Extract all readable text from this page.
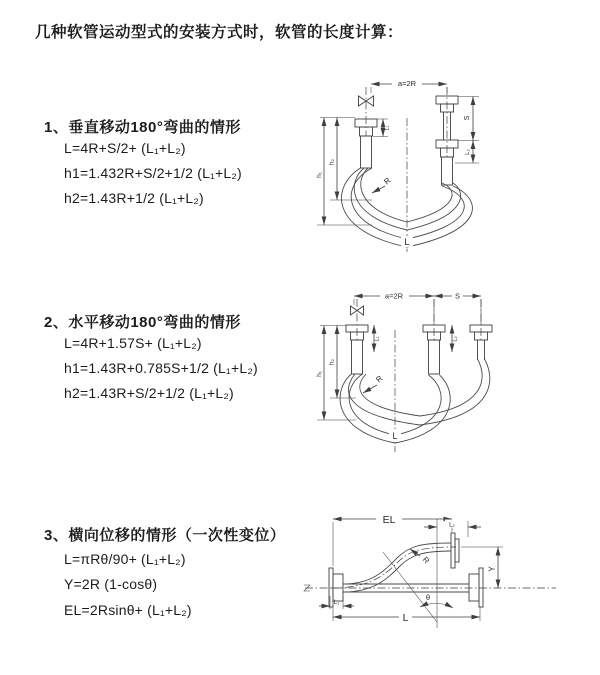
几种软管运动型式的安装方式时，软管的长度计算：
1、垂直移动180°弯曲的情形
L=4R+S/2+ (L₁+L₂)
h1=1.432R+S/2+1/2 (L₁+L₂)
h2=1.43R+1/2 (L₁+L₂)
2、水平移动180°弯曲的情形
L=4R+1.57S+ (L₁+L₂)
h1=1.43R+0.785S+1/2 (L₁+L₂)
h2=1.43R+S/2+1/2 (L₁+L₂)
3、横向位移的情形（一次性变位）
L=πRθ/90+ (L₁+L₂)
Y=2R (1-cosθ)
EL=2Rsinθ+ (L₁+L₂)
a=2R
h₁
h₂
L₁
S
L₂
R
L
a=2R	S
h₁
h₂
L₁	L₂
R
L
EL	L₂
Y
R
θ
L
L₁
